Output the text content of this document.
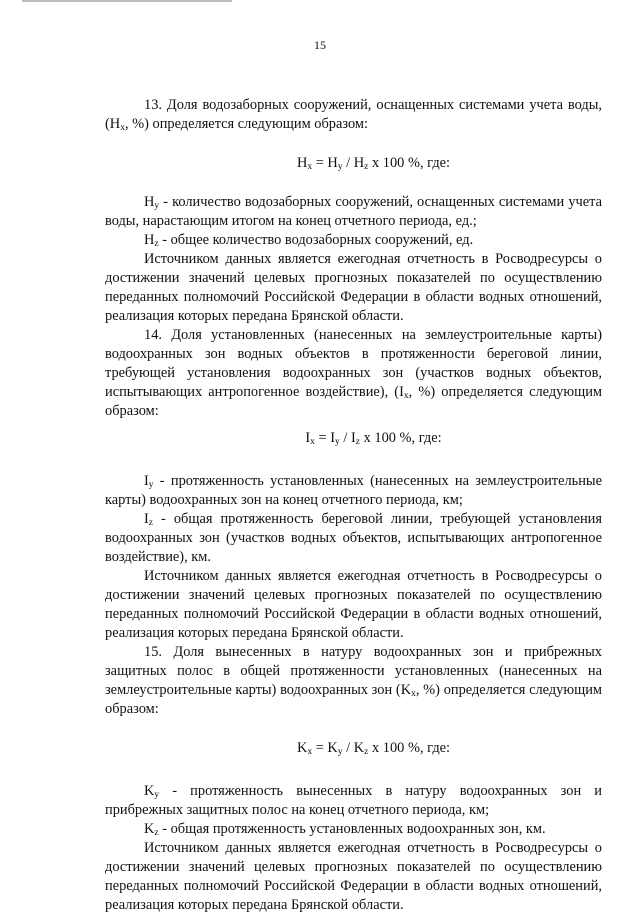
15

13. Доля водозаборных сооружений, оснащенных системами учета воды, ($H_x$, %) определяется следующим образом:

$H_x = H_y / H_z$ x 100 %, где:

$H_y$ - количество водозаборных сооружений, оснащенных системами учета воды, нарастающим итогом на конец отчетного периода, ед.;

$H_z$ - общее количество водозаборных сооружений, ед.

Источником данных является ежегодная отчетность в Росводресурсы о достижении значений целевых прогнозных показателей по осуществлению переданных полномочий Российской Федерации в области водных отношений, реализация которых передана Брянской области.

14. Доля установленных (нанесенных на землеустроительные карты) водоохранных зон водных объектов в протяженности береговой линии, требующей установления водоохранных зон (участков водных объектов, испытывающих антропогенное воздействие), ($I_x$, %) определяется следующим образом:

$I_x = I_y / I_z$ x 100 %, где:

$I_y$ - протяженность установленных (нанесенных на землеустроительные карты) водоохранных зон на конец отчетного периода, км;

$I_z$ - общая протяженность береговой линии, требующей установления водоохранных зон (участков водных объектов, испытывающих антропогенное воздействие), км.

Источником данных является ежегодная отчетность в Росводресурсы о достижении значений целевых прогнозных показателей по осуществлению переданных полномочий Российской Федерации в области водных отношений, реализация которых передана Брянской области.

15. Доля вынесенных в натуру водоохранных зон и прибрежных защитных полос в общей протяженности установленных (нанесенных на землеустроительные карты) водоохранных зон ($K_x$, %) определяется следующим образом:

$K_x = K_y / K_z$ x 100 %, где:

$K_y$ - протяженность вынесенных в натуру водоохранных зон и прибрежных защитных полос на конец отчетного периода, км;

$K_z$ - общая протяженность установленных водоохранных зон, км.

Источником данных является ежегодная отчетность в Росводресурсы о достижении значений целевых прогнозных показателей по осуществлению переданных полномочий Российской Федерации в области водных отношений, реализация которых передана Брянской области.
